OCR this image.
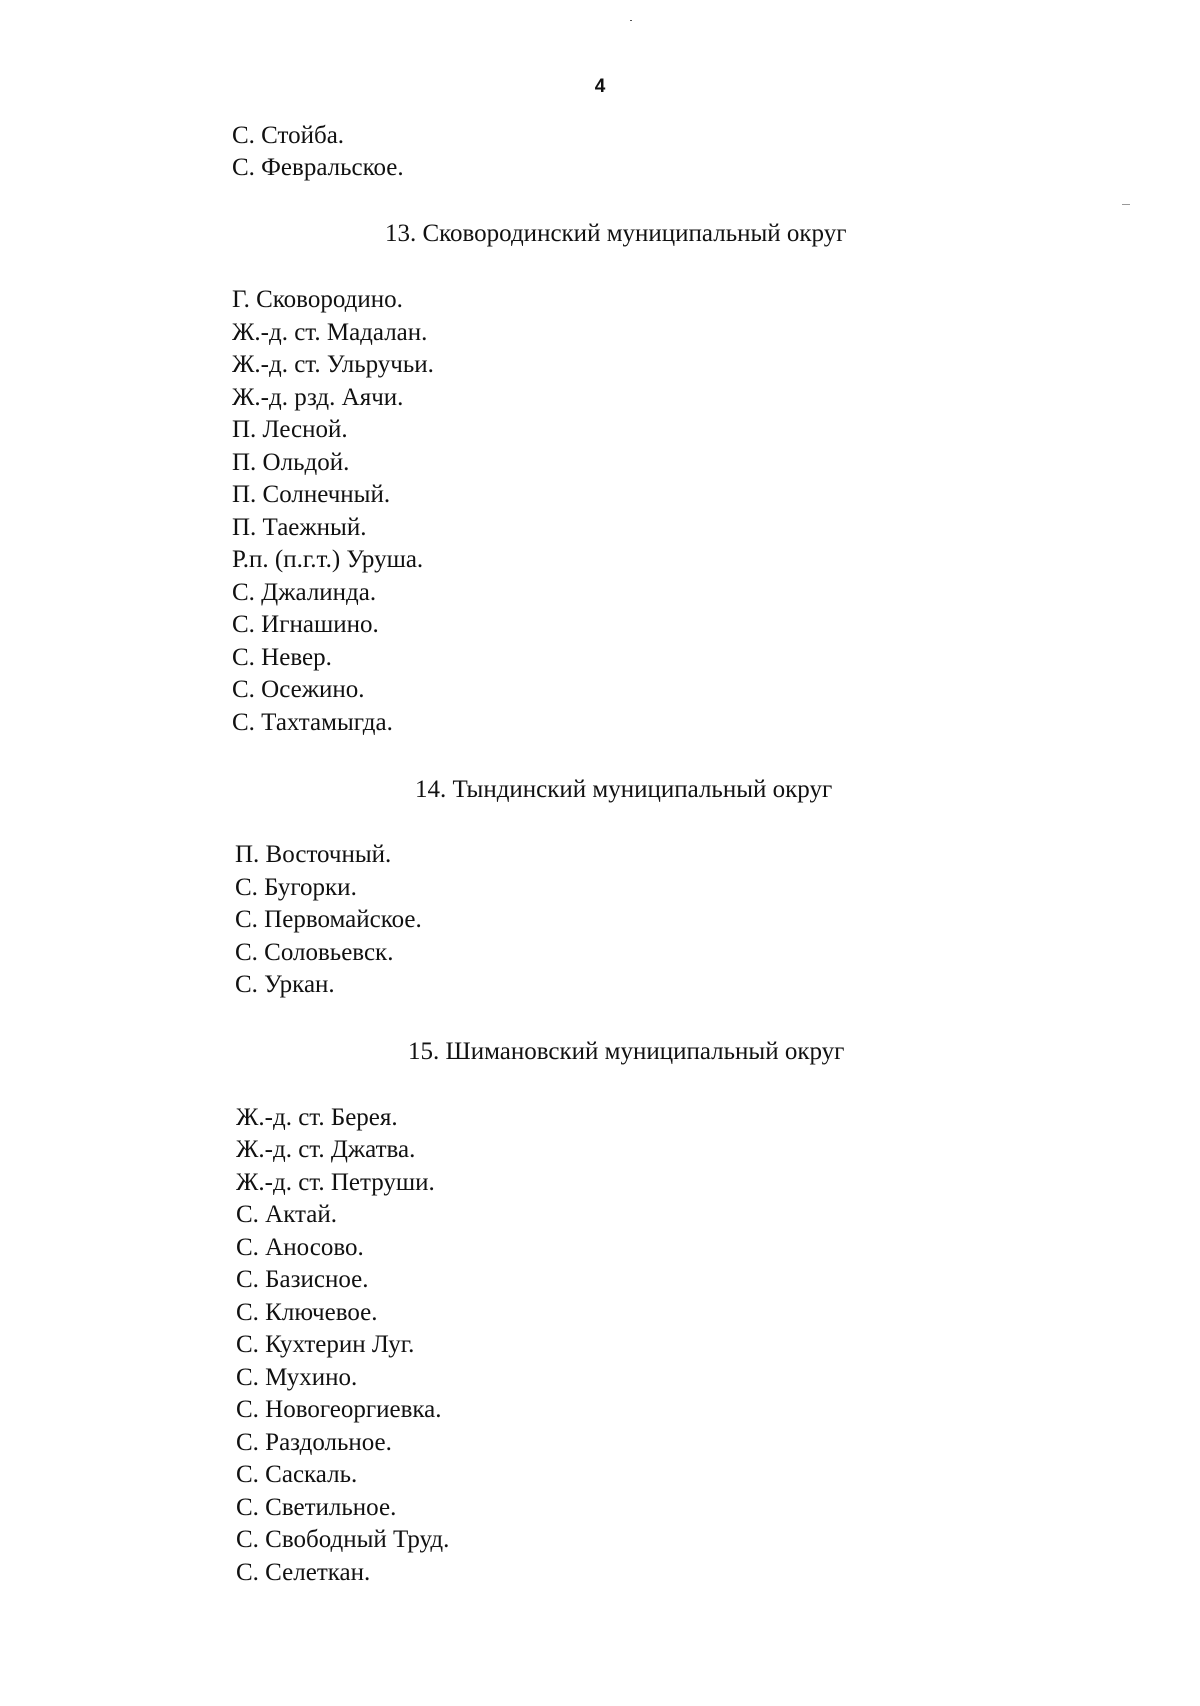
4
С. Стойба.
С. Февральское.
13. Сковородинский муниципальный округ
Г. Сковородино.
Ж.-д. ст. Мадалан.
Ж.-д. ст. Ульручьи.
Ж.-д. рзд. Аячи.
П. Лесной.
П. Ольдой.
П. Солнечный.
П. Таежный.
Р.п. (п.г.т.) Уруша.
С. Джалинда.
С. Игнашино.
С. Невер.
С. Осежино.
С. Тахтамыгда.
14. Тындинский муниципальный округ
П. Восточный.
С. Бугорки.
С. Первомайское.
С. Соловьевск.
С. Уркан.
15. Шимановский муниципальный округ
Ж.-д. ст. Берея.
Ж.-д. ст. Джатва.
Ж.-д. ст. Петруши.
С. Актай.
С. Аносово.
С. Базисное.
С. Ключевое.
С. Кухтерин Луг.
С. Мухино.
С. Новогеоргиевка.
С. Раздольное.
С. Саскаль.
С. Светильное.
С. Свободный Труд.
С. Селеткан.
